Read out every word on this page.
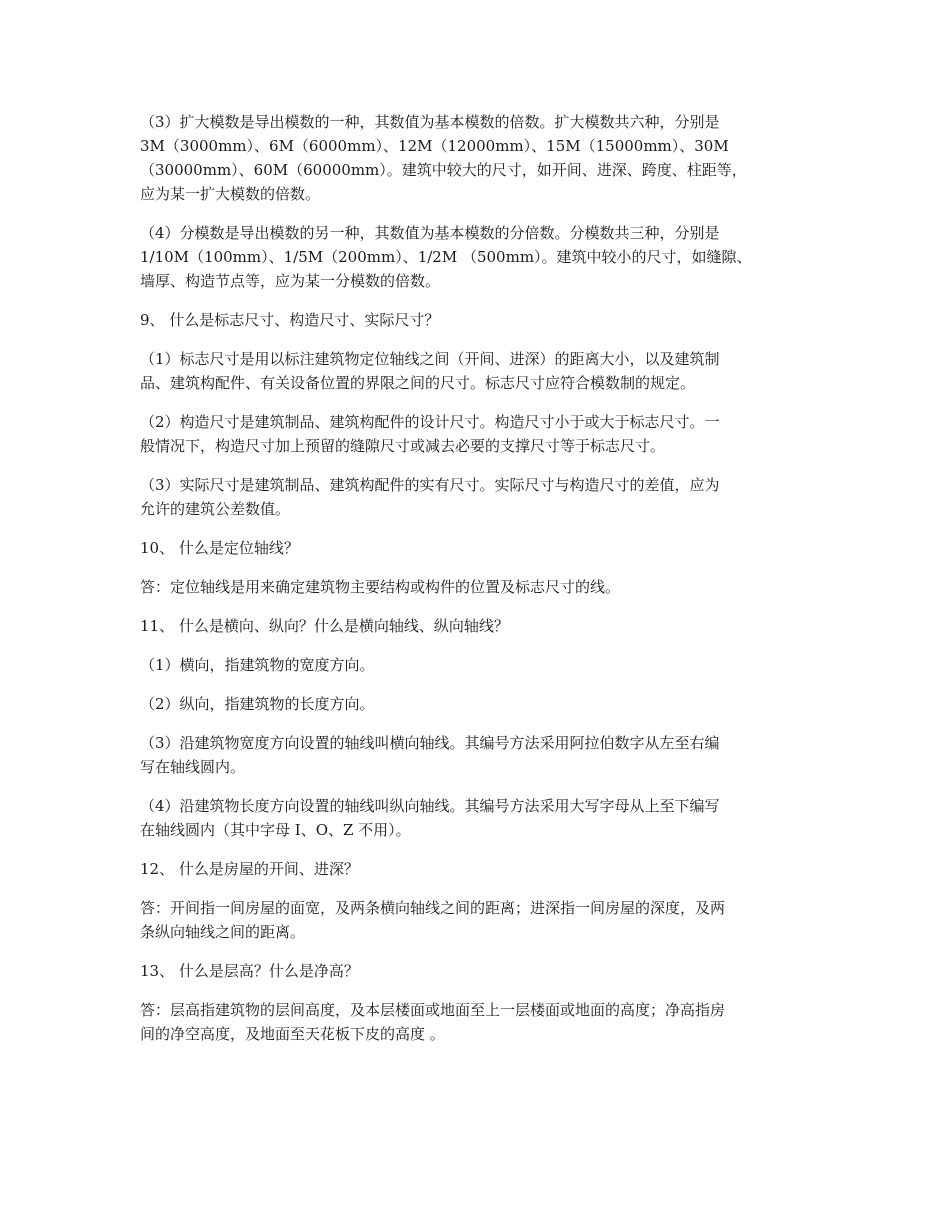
（3）扩大模数是导出模数的一种，其数值为基本模数的倍数。扩大模数共六种，分别是
3M（3000mm）、6M（6000mm）、12M（12000mm）、15M（15000mm）、30M
（30000mm）、60M（60000mm）。建筑中较大的尺寸，如开间、进深、跨度、柱距等，
应为某一扩大模数的倍数。

（4）分模数是导出模数的另一种，其数值为基本模数的分倍数。分模数共三种，分别是
1/10M（100mm）、1/5M（200mm）、1/2M （500mm）。建筑中较小的尺寸，如缝隙、
墙厚、构造节点等，应为某一分模数的倍数。

9、 什么是标志尺寸、构造尺寸、实际尺寸？

（1）标志尺寸是用以标注建筑物定位轴线之间（开间、进深）的距离大小，以及建筑制
品、建筑构配件、有关设备位置的界限之间的尺寸。标志尺寸应符合模数制的规定。

（2）构造尺寸是建筑制品、建筑构配件的设计尺寸。构造尺寸小于或大于标志尺寸。一
般情况下，构造尺寸加上预留的缝隙尺寸或减去必要的支撑尺寸等于标志尺寸。

（3）实际尺寸是建筑制品、建筑构配件的实有尺寸。实际尺寸与构造尺寸的差值，应为
允许的建筑公差数值。

10、 什么是定位轴线？

答：定位轴线是用来确定建筑物主要结构或构件的位置及标志尺寸的线。

11、 什么是横向、纵向？什么是横向轴线、纵向轴线？

（1）横向，指建筑物的宽度方向。

（2）纵向，指建筑物的长度方向。

（3）沿建筑物宽度方向设置的轴线叫横向轴线。其编号方法采用阿拉伯数字从左至右编
写在轴线圆内。

（4）沿建筑物长度方向设置的轴线叫纵向轴线。其编号方法采用大写字母从上至下编写
在轴线圆内（其中字母 I、O、Z 不用）。

12、 什么是房屋的开间、进深？

答：开间指一间房屋的面宽，及两条横向轴线之间的距离；进深指一间房屋的深度，及两
条纵向轴线之间的距离。

13、 什么是层高？什么是净高？

答：层高指建筑物的层间高度，及本层楼面或地面至上一层楼面或地面的高度；净高指房
间的净空高度，及地面至天花板下皮的高度 。
